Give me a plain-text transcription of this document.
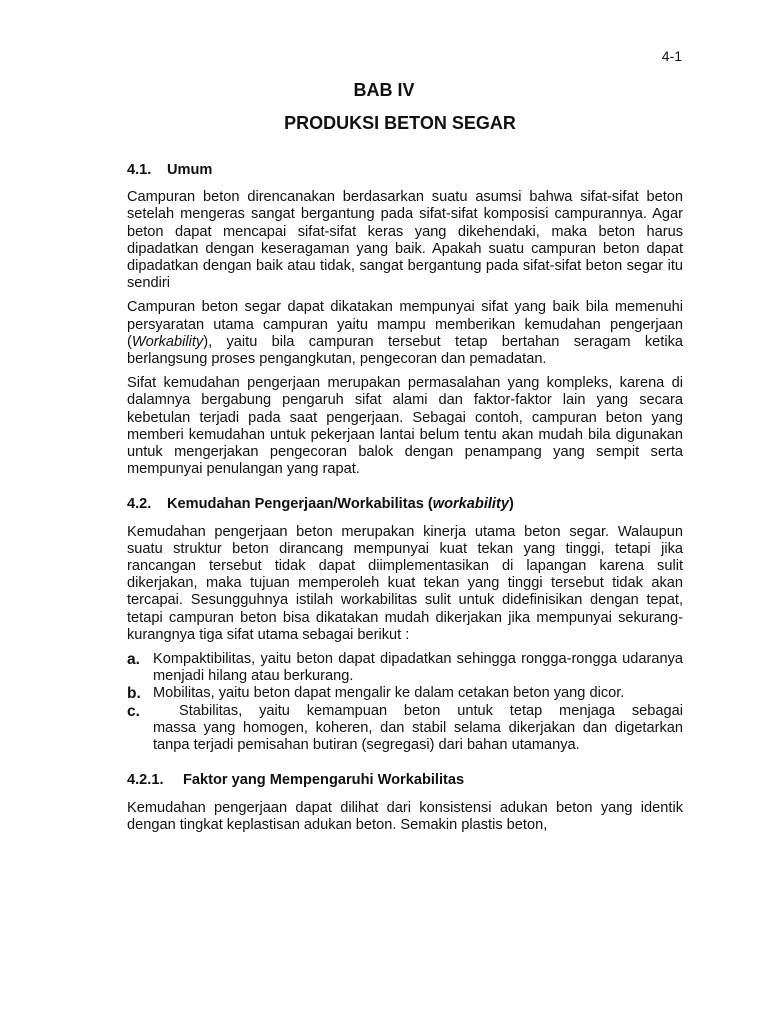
4-1
BAB IV
PRODUKSI BETON SEGAR
4.1. Umum

Campuran beton direncanakan berdasarkan suatu asumsi bahwa sifat-sifat beton setelah mengeras sangat bergantung pada sifat-sifat komposisi campurannya. Agar beton dapat mencapai sifat-sifat keras yang dikehendaki, maka beton harus dipadatkan dengan keseragaman yang baik. Apakah suatu campuran beton dapat dipadatkan dengan baik atau tidak, sangat bergantung pada sifat-sifat beton segar itu sendiri

Campuran beton segar dapat dikatakan mempunyai sifat yang baik bila memenuhi persyaratan utama campuran yaitu mampu memberikan kemudahan pengerjaan (Workability), yaitu bila campuran tersebut tetap bertahan seragam ketika berlangsung proses pengangkutan, pengecoran dan pemadatan.

Sifat kemudahan pengerjaan merupakan permasalahan yang kompleks, karena di dalamnya bergabung pengaruh sifat alami dan faktor-faktor lain yang secara kebetulan terjadi pada saat pengerjaan. Sebagai contoh, campuran beton yang memberi kemudahan untuk pekerjaan lantai belum tentu akan mudah bila digunakan untuk mengerjakan pengecoran balok dengan penampang yang sempit serta mempunyai penulangan yang rapat.

4.2. Kemudahan Pengerjaan/Workabilitas (workability)

Kemudahan pengerjaan beton merupakan kinerja utama beton segar. Walaupun suatu struktur beton dirancang mempunyai kuat tekan yang tinggi, tetapi jika rancangan tersebut tidak dapat diimplementasikan di lapangan karena sulit dikerjakan, maka tujuan memperoleh kuat tekan yang tinggi tersebut tidak akan tercapai. Sesungguhnya istilah workabilitas sulit untuk didefinisikan dengan tepat, tetapi campuran beton bisa dikatakan mudah dikerjakan jika mempunyai sekurang-kurangnya tiga sifat utama sebagai berikut :

a. Kompaktibilitas, yaitu beton dapat dipadatkan sehingga rongga-rongga udaranya menjadi hilang atau berkurang.
b. Mobilitas, yaitu beton dapat mengalir ke dalam cetakan beton yang dicor.
c.	Stabilitas, yaitu kemampuan beton untuk tetap menjaga sebagai
massa yang homogen, koheren, dan stabil selama dikerjakan dan digetarkan tanpa terjadi pemisahan butiran (segregasi) dari bahan utamanya.
4.2.1. Faktor yang Mempengaruhi Workabilitas

Kemudahan pengerjaan dapat dilihat dari konsistensi adukan beton yang identik dengan tingkat keplastisan adukan beton. Semakin plastis beton,
